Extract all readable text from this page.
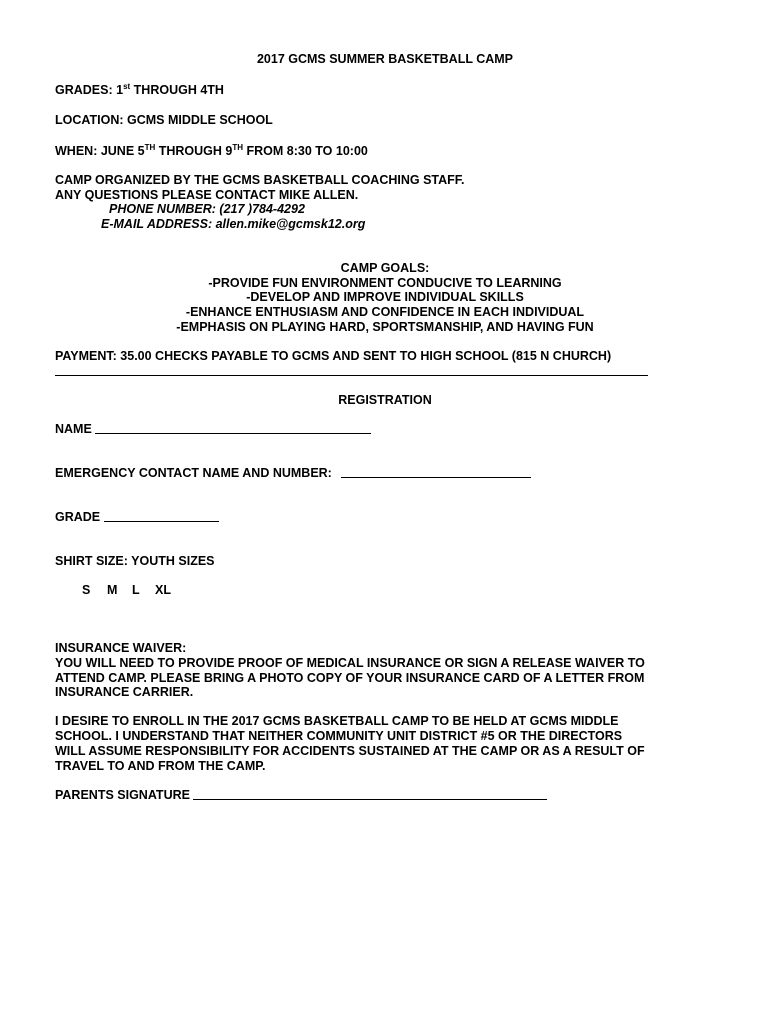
2017 GCMS SUMMER BASKETBALL CAMP
GRADES: 1st THROUGH 4TH
LOCATION: GCMS MIDDLE SCHOOL
WHEN: JUNE 5TH THROUGH 9TH FROM 8:30 TO 10:00
CAMP ORGANIZED BY THE GCMS BASKETBALL COACHING STAFF.
ANY QUESTIONS PLEASE CONTACT MIKE ALLEN.
PHONE NUMBER: (217 )784-4292
E-MAIL ADDRESS: allen.mike@gcmsk12.org
CAMP GOALS:
-PROVIDE FUN ENVIRONMENT CONDUCIVE TO LEARNING
-DEVELOP AND IMPROVE INDIVIDUAL SKILLS
-ENHANCE ENTHUSIASM AND CONFIDENCE IN EACH INDIVIDUAL
-EMPHASIS ON PLAYING HARD, SPORTSMANSHIP, AND HAVING FUN
PAYMENT: 35.00 CHECKS PAYABLE TO GCMS AND SENT TO HIGH SCHOOL (815 N CHURCH)
REGISTRATION
NAME
EMERGENCY CONTACT NAME AND NUMBER:
GRADE
SHIRT SIZE: YOUTH SIZES
S M L XL
INSURANCE WAIVER:
YOU WILL NEED TO PROVIDE PROOF OF MEDICAL INSURANCE OR SIGN A RELEASE WAIVER TO
ATTEND CAMP. PLEASE BRING A PHOTO COPY OF YOUR INSURANCE CARD OF A LETTER FROM
INSURANCE CARRIER.
I DESIRE TO ENROLL IN THE 2017 GCMS BASKETBALL CAMP TO BE HELD AT GCMS MIDDLE
SCHOOL. I UNDERSTAND THAT NEITHER COMMUNITY UNIT DISTRICT #5 OR THE DIRECTORS
WILL ASSUME RESPONSIBILITY FOR ACCIDENTS SUSTAINED AT THE CAMP OR AS A RESULT OF
TRAVEL TO AND FROM THE CAMP.
PARENTS SIGNATURE
